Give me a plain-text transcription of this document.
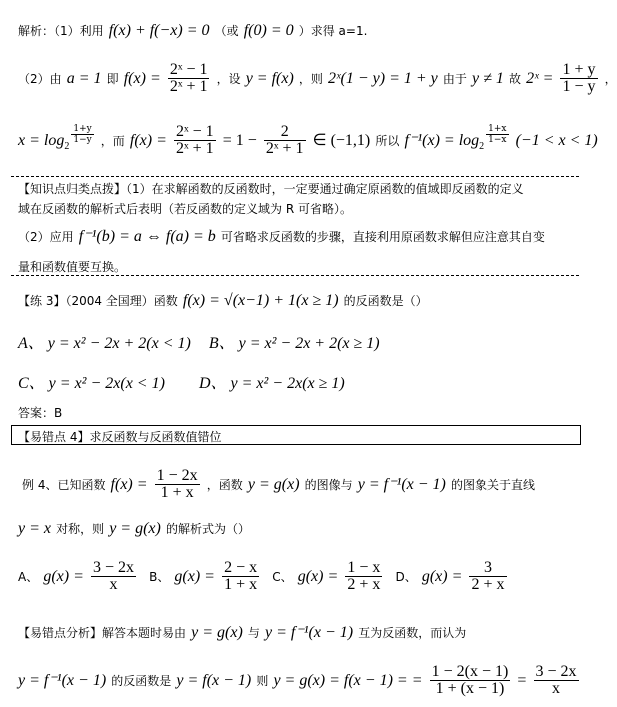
解析：（1）利用 f(x) + f(−x) = 0 （或 f(0) = 0 ）求得 a=1.
（2）由 a = 1 即 $f(x) = \frac{\text{2ˣ − 1}}{\text{2ˣ + 1}}$ ，设 y = f(x) ，则 2ˣ(1 − y) = 1 + y 由于 y ≠ 1 故 2ˣ = $\frac{1 + y}{1 - y}$ ，
$x = \log_2$
$\frac{1+y}{1-y}$ ，而 $f(x) = \frac{\text{2ˣ − 1}}{\text{2ˣ + 1}} = 1 - \frac{2}{\text{2ˣ + 1}}$ ∈ (−1,1) 所以 $f^{-1}(x) = \log_2$
$\frac{1+x}{1-x} (-1 < x < 1)$
【知识点归类点拨】（1）在求解函数的反函数时，一定要通过确定原函数的值域即反函数的定义
域在反函数的解析式后表明（若反函数的定义域为 R 可省略）。
（2）应用 f⁻¹(b) = a ⇔ f(a) = b 可省略求反函数的步骤，直接利用原函数求解但应注意其自变
量和函数值要互换。
【练 3】（2004 全国理）函数 f(x) = √(x−1) + 1(x ≥ 1) 的反函数是（）
A、 y = x² − 2x + 2(x < 1) B、 y = x² − 2x + 2(x ≥ 1)
C、 y = x² − 2x(x < 1) D、 y = x² − 2x(x ≥ 1)
答案：B
【易错点 4】求反函数与反函数值错位
例 4、已知函数 $f(x) = \frac{1 - 2x}{1 + x}$ ，函数 y = g(x) 的图像与 y = f⁻¹(x − 1) 的图象关于直线
y = x 对称，则 y = g(x) 的解析式为（）
A、 $g(x) = \frac{3 - 2x}{x}$ B、 $g(x) = \frac{2 - x}{1 + x}$ C、 $g(x) = \frac{1 - x}{2 + x}$ D、 $g(x) = \frac{3}{2 + x}$
【易错点分析】解答本题时易由 y = g(x) 与 y = f⁻¹(x − 1) 互为反函数，而认为
y = f⁻¹(x − 1) 的反函数是 y = f(x − 1) 则 y = g(x) = f(x − 1) = = $\frac{1 - 2(x - 1)}{1 + (x - 1)} = \frac{3 - 2x}{x}$
